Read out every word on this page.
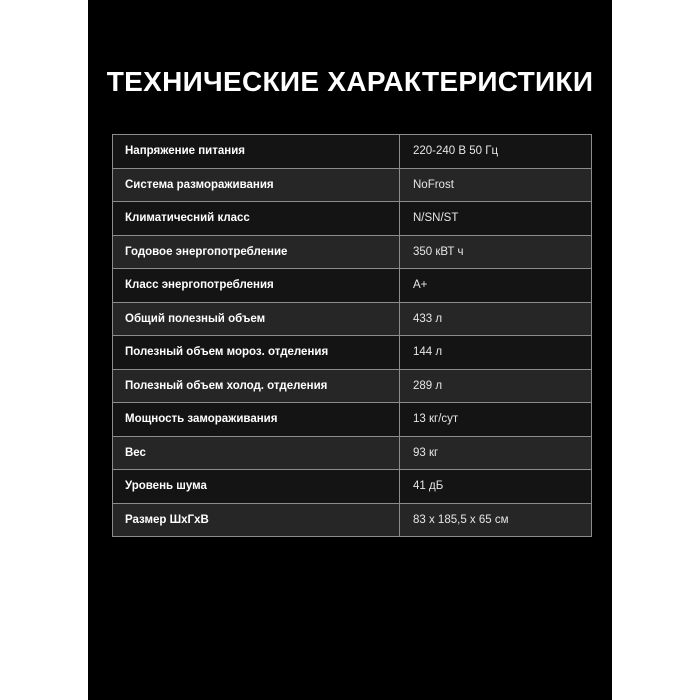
ТЕХНИЧЕСКИЕ ХАРАКТЕРИСТИКИ
Напряжение питания	220-240 В 50 Гц
Система размораживания	NoFrost
Климатичесний класс	N/SN/ST
Годовое энергопотребление	350 кВТ ч
Класс энергопотребления	A+
Общий полезный объем	433 л
Полезный объем мороз. отделения	144 л
Полезный объем холод. отделения	289 л
Мощность замораживания	13 кг/сут
Вес	93 кг
Уровень шума	41 дБ
Размер ШхГхВ	83 х 185,5 х 65 см
